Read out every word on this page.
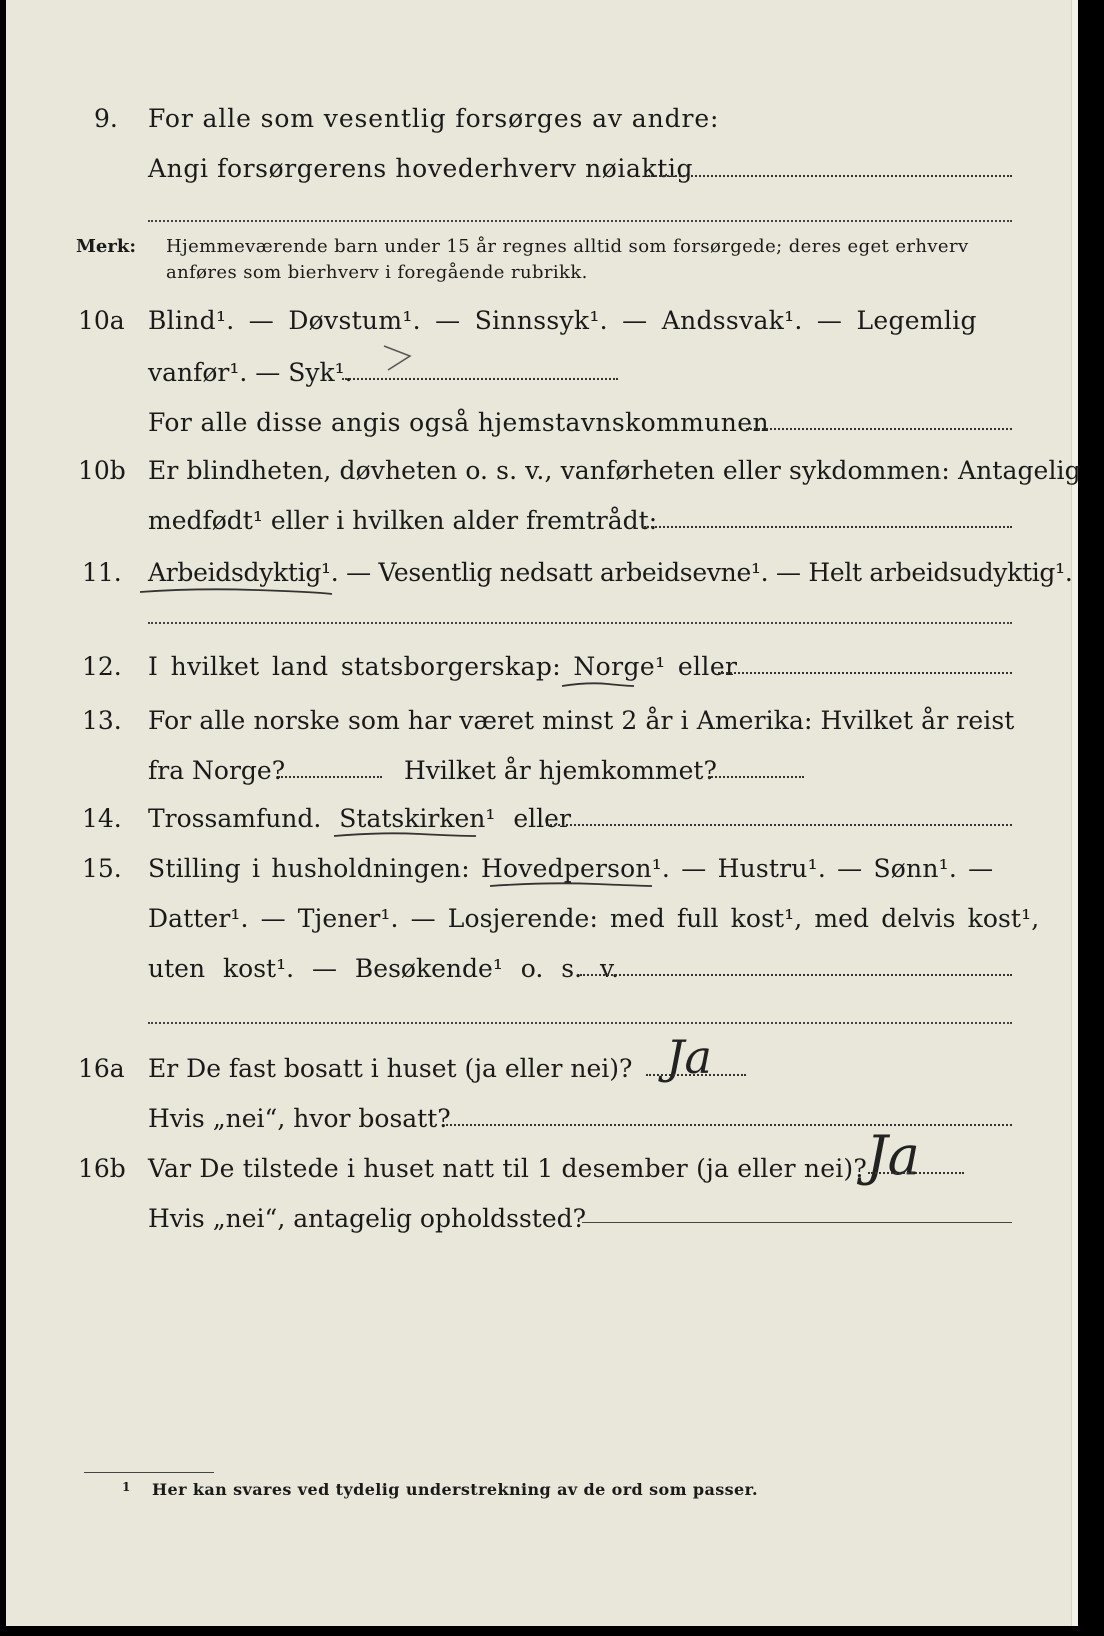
9. For alle som vesentlig forsørges av andre:
Angi forsørgerens hovederhverv nøiaktig
Merk: Hjemmeværende barn under 15 år regnes alltid som forsørgede; deres eget erhverv
anføres som bierhverv i foregående rubrikk.
10a Blind¹. — Døvstum¹. — Sinnssyk¹. — Andssvak¹. — Legemlig
vanfør¹. — Syk¹.
For alle disse angis også hjemstavnskommunen
10b Er blindheten, døvheten o. s. v., vanførheten eller sykdommen: Antagelig
medfødt¹ eller i hvilken alder fremtrådt:
11. Arbeidsdyktig¹. — Vesentlig nedsatt arbeidsevne¹. — Helt arbeidsudyktig¹.
12. I hvilket land statsborgerskap: Norge¹ eller
13. For alle norske som har været minst 2 år i Amerika: Hvilket år reist
fra Norge?	Hvilket år hjemkommet?
14. Trossamfund. Statskirken¹ eller
15. Stilling i husholdningen: Hovedperson¹. — Hustru¹. — Sønn¹. —
Datter¹. — Tjener¹. — Losjerende: med full kost¹, med delvis kost¹,
uten kost¹. — Besøkende¹ o. s. v.
16a Er De fast bosatt i huset (ja eller nei)? Ja
Hvis „nei“, hvor bosatt?
16b Var De tilstede i huset natt til 1 desember (ja eller nei)? Ja
Hvis „nei“, antagelig opholdssted?
1 Her kan svares ved tydelig understrekning av de ord som passer.
